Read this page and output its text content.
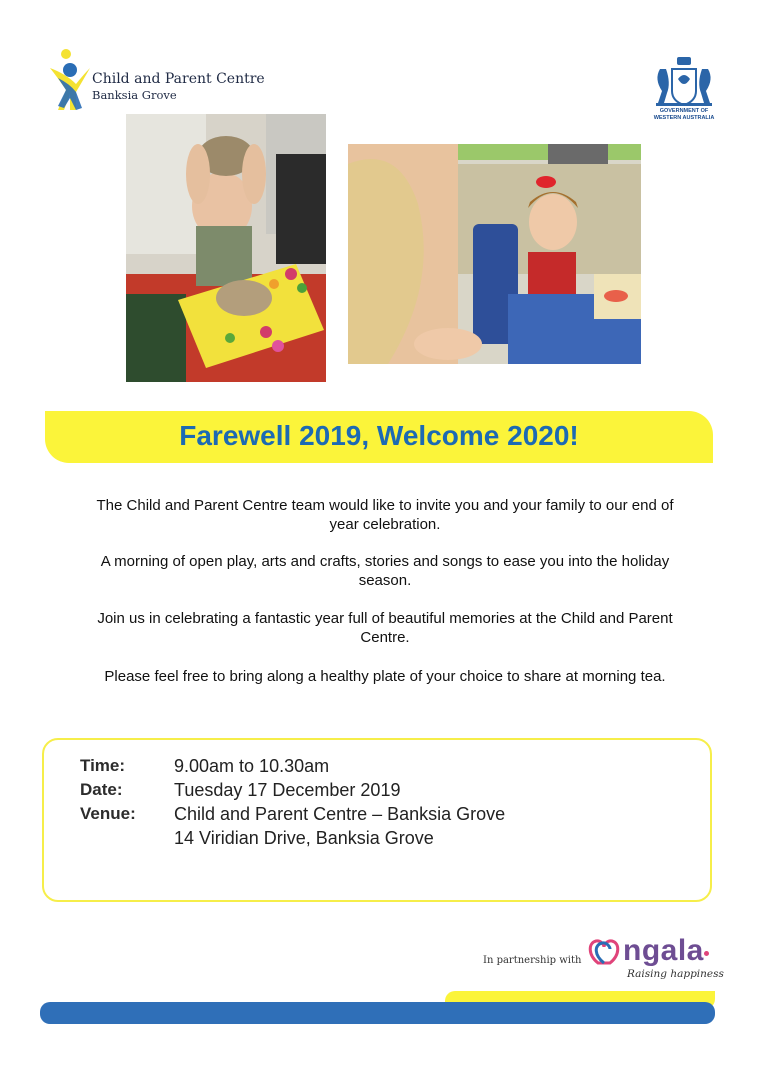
Child and Parent Centre
Banksia Grove
GOVERNMENT OF
WESTERN AUSTRALIA
Farewell 2019, Welcome 2020!
The Child and Parent Centre team would like to invite you and your family to our end of year celebration.
A morning of open play, arts and crafts, stories and songs to ease you into the holiday season.
Join us in celebrating a fantastic year full of beautiful memories at the Child and Parent Centre.
Please feel free to bring along a healthy plate of your choice to share at morning tea.
Time:	9.00am to 10.30am
Date:	Tuesday 17 December 2019
Venue: Child and Parent Centre – Banksia Grove
14 Viridian Drive, Banksia Grove
In partnership with ngala
Raising happiness
